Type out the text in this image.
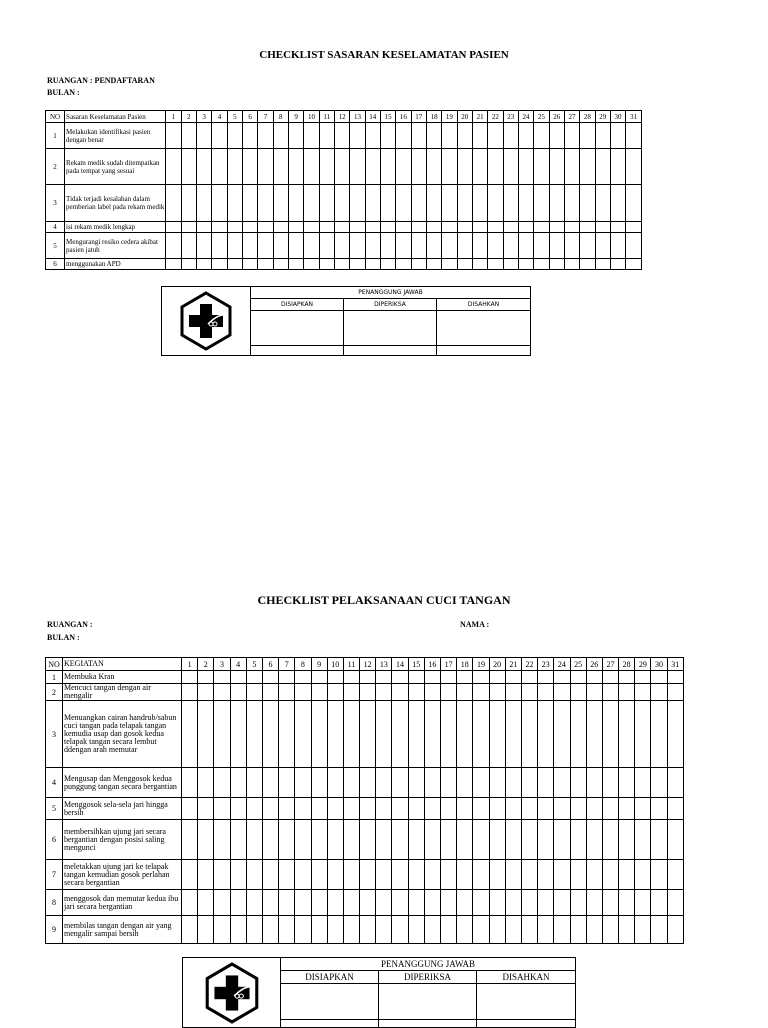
CHECKLIST SASARAN KESELAMATAN PASIEN
RUANGAN : PENDAFTARAN
BULAN :
NO	Sasaran Keselamatan Pasien	1	2	3	4	5	6	7	8	9	10	11	12	13	14	15	16	17	18	19	20	21	22	23	24	25	26	27	28	29	30	31
1	Melakukan identifikasi pasien dengan benar																															
2	Rekam medik sudah ditempatkan pada tempat yang sesuai																															
3	Tidak terjadi kesalahan dalam pemberian label pada rekam medik																															
4	isi rekam medik lengkap																															
5	Mengurangi resiko cedera akibat pasien jatuh																															
6	menggunakan APD																															
	PENANGGUNG JAWAB		
	DISIAPKAN	DIPERIKSA	DISAHKAN

CHECKLIST PELAKSANAAN CUCI TANGAN
RUANGAN :	NAMA :
BULAN :
NO	KEGIATAN	1	2	3	4	5	6	7	8	9	10	11	12	13	14	15	16	17	18	19	20	21	22	23	24	25	26	27	28	29	30	31
1	Membuka Kran																															
2	Mencuci tangan dengan air mengalir																															
3	Menuangkan cairan handrub/sabun cuci tangan pada telapak tangan kemudia usap dan gosok kedua telapak tangan secara lembut ddengan arah memutar																															
4	Mengusap dan Menggosok kedua punggung tangan secara bergantian																															
5	Menggosok sela-sela jari hingga bersih																															
6	membersihkan ujung jari secara bergantian dengan posisi saling mengunci																															
7	meletakkan ujung jari ke telapak tangan kemudian gosok perlahan secara bergantian																															
8	menggosok dan memutar kedua ibu jari secara bergantian																															
9	membilas tangan dengan air yang mengalir sampai bersih																															
	PENANGGUNG JAWAB		
	DISIAPKAN	DIPERIKSA	DISAHKAN
